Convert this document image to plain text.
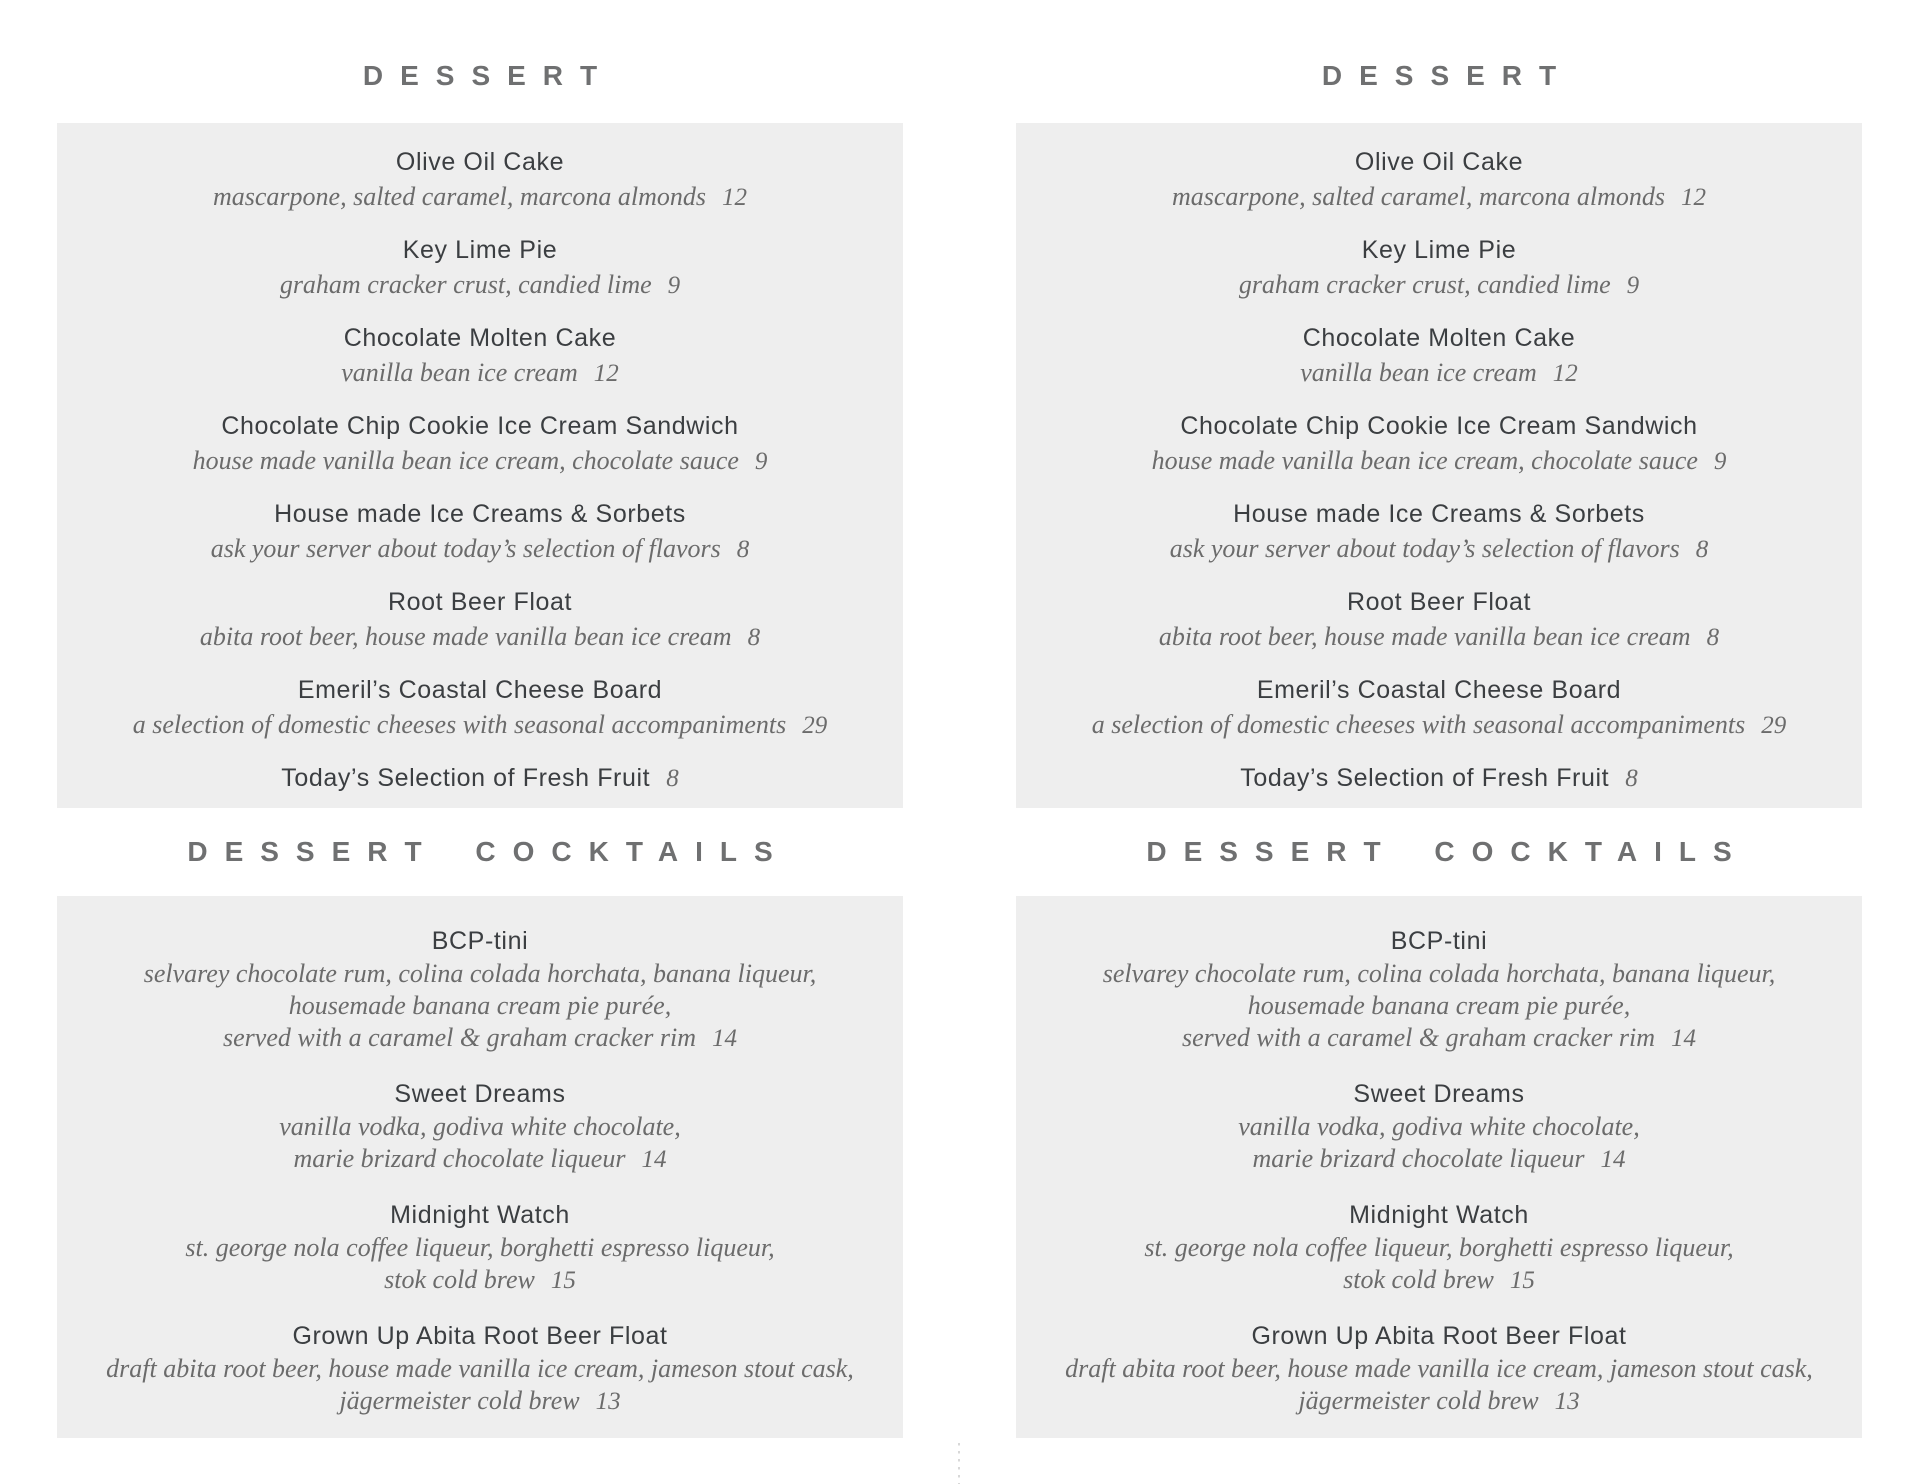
DESSERT
Olive Oil Cake
mascarpone, salted caramel, marcona almonds 12
Key Lime Pie
graham cracker crust, candied lime 9
Chocolate Molten Cake
vanilla bean ice cream 12
Chocolate Chip Cookie Ice Cream Sandwich
house made vanilla bean ice cream, chocolate sauce 9
House made Ice Creams & Sorbets
ask your server about today’s selection of flavors 8
Root Beer Float
abita root beer, house made vanilla bean ice cream 8
Emeril’s Coastal Cheese Board
a selection of domestic cheeses with seasonal accompaniments 29
Today’s Selection of Fresh Fruit 8
DESSERT COCKTAILS
BCP-tini
selvarey chocolate rum, colina colada horchata, banana liqueur,
housemade banana cream pie purée,
served with a caramel & graham cracker rim 14
Sweet Dreams
vanilla vodka, godiva white chocolate,
marie brizard chocolate liqueur 14
Midnight Watch
st. george nola coffee liqueur, borghetti espresso liqueur,
stok cold brew 15
Grown Up Abita Root Beer Float
draft abita root beer, house made vanilla ice cream, jameson stout cask,
jägermeister cold brew 13
DESSERT
Olive Oil Cake
mascarpone, salted caramel, marcona almonds 12
Key Lime Pie
graham cracker crust, candied lime 9
Chocolate Molten Cake
vanilla bean ice cream 12
Chocolate Chip Cookie Ice Cream Sandwich
house made vanilla bean ice cream, chocolate sauce 9
House made Ice Creams & Sorbets
ask your server about today’s selection of flavors 8
Root Beer Float
abita root beer, house made vanilla bean ice cream 8
Emeril’s Coastal Cheese Board
a selection of domestic cheeses with seasonal accompaniments 29
Today’s Selection of Fresh Fruit 8
DESSERT COCKTAILS
BCP-tini
selvarey chocolate rum, colina colada horchata, banana liqueur,
housemade banana cream pie purée,
served with a caramel & graham cracker rim 14
Sweet Dreams
vanilla vodka, godiva white chocolate,
marie brizard chocolate liqueur 14
Midnight Watch
st. george nola coffee liqueur, borghetti espresso liqueur,
stok cold brew 15
Grown Up Abita Root Beer Float
draft abita root beer, house made vanilla ice cream, jameson stout cask,
jägermeister cold brew 13
